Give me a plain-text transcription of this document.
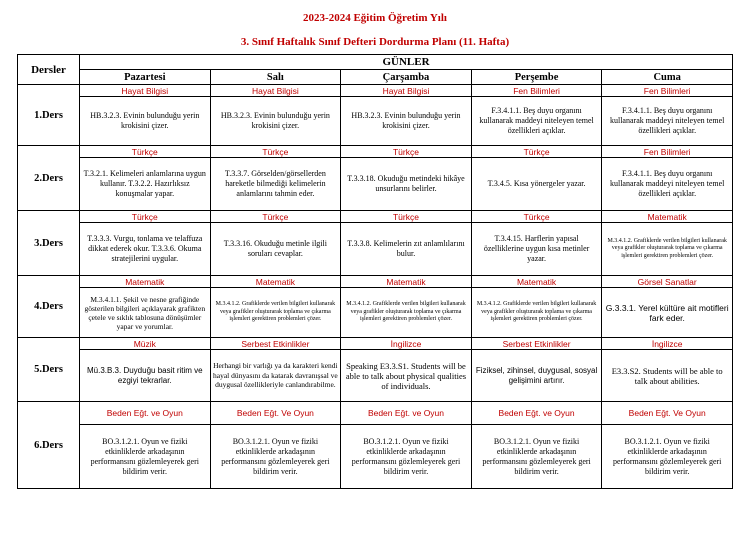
2023-2024 Eğitim Öğretim Yılı
3. Sınıf Haftalık Sınıf Defteri Dordurma Planı (11. Hafta)
Dersler	GÜNLER				
	Pazartesi	Salı	Çarşamba	Perşembe	Cuma
1.Ders	Hayat Bilgisi	Hayat Bilgisi	Hayat Bilgisi	Fen Bilimleri	Fen Bilimleri
	HB.3.2.3. Evinin bulunduğu yerin krokisini çizer.	HB.3.2.3. Evinin bulunduğu yerin krokisini çizer.	HB.3.2.3. Evinin bulunduğu yerin krokisini çizer.	F.3.4.1.1. Beş duyu organını kullanarak maddeyi niteleyen temel özellikleri açıklar.	F.3.4.1.1. Beş duyu organını kullanarak maddeyi niteleyen temel özellikleri açıklar.
2.Ders	Türkçe	Türkçe	Türkçe	Türkçe	Fen Bilimleri
	T.3.2.1. Kelimeleri anlamlarına uygun kullanır. T.3.2.2. Hazırlıksız konuşmalar yapar.	T.3.3.7. Görselden/görsellerden hareketle bilmediği kelimelerin anlamlarını tahmin eder.	T.3.3.18. Okuduğu metindeki hikâye unsurlarını belirler.	T.3.4.5. Kısa yönergeler yazar.	F.3.4.1.1. Beş duyu organını kullanarak maddeyi niteleyen temel özellikleri açıklar.
3.Ders	Türkçe	Türkçe	Türkçe	Türkçe	Matematik
	T.3.3.3. Vurgu, tonlama ve telaffuza dikkat ederek okur. T.3.3.6. Okuma stratejilerini uygular.	T.3.3.16. Okuduğu metinle ilgili soruları cevaplar.	T.3.3.8. Kelimelerin zıt anlamlılarını bulur.	T.3.4.15. Harflerin yapısal özelliklerine uygun kısa metinler yazar.	M.3.4.1.2. Grafiklerde verilen bilgileri kullanarak veya grafikler oluşturarak toplama ve çıkarma işlemleri gerektiren problemleri çözer.
4.Ders	Matematik	Matematik	Matematik	Matematik	Görsel Sanatlar
	M.3.4.1.1. Şekil ve nesne grafiğinde gösterilen bilgileri açıklayarak grafikten çetele ve sıklık tablosuna dönüşümler yapar ve yorumlar.	M.3.4.1.2. Grafiklerde verilen bilgileri kullanarak veya grafikler oluşturarak toplama ve çıkarma işlemleri gerektiren problemleri çözer.	M.3.4.1.2. Grafiklerde verilen bilgileri kullanarak veya grafikler oluşturarak toplama ve çıkarma işlemleri gerektiren problemleri çözer.	M.3.4.1.2. Grafiklerde verilen bilgileri kullanarak veya grafikler oluşturarak toplama ve çıkarma işlemleri gerektiren problemleri çözer.	G.3.3.1. Yerel kültüre ait motifleri fark eder.
5.Ders	Müzik	Serbest Etkinlikler	İngilizce	Serbest Etkinlikler	İngilizce
	Mü.3.B.3. Duyduğu basit ritim ve ezgiyi tekrarlar.	Herhangi bir varlığı ya da karakteri kendi hayal dünyasını da katarak davranışsal ve duygusal özellikleriyle canlandırabilme.	Speaking E3.3.S1. Students will be able to talk about physical qualities of individuals.	Fiziksel, zihinsel, duygusal, sosyal gelişimini artırır.	E3.3.S2. Students will be able to talk about abilities.
6.Ders	Beden Eğt. ve Oyun	Beden Eğt. Ve Oyun	Beden Eğt. ve Oyun	Beden Eğt. ve Oyun	Beden Eğt. Ve Oyun
	BO.3.1.2.1. Oyun ve fiziki etkinliklerde arkadaşının performansını gözlemleyerek geri bildirim verir.	BO.3.1.2.1. Oyun ve fiziki etkinliklerde arkadaşının performansını gözlemleyerek geri bildirim verir.	BO.3.1.2.1. Oyun ve fiziki etkinliklerde arkadaşının performansını gözlemleyerek geri bildirim verir.	BO.3.1.2.1. Oyun ve fiziki etkinliklerde arkadaşının performansını gözlemleyerek geri bildirim verir.	BO.3.1.2.1. Oyun ve fiziki etkinliklerde arkadaşının performansını gözlemleyerek geri bildirim verir.
